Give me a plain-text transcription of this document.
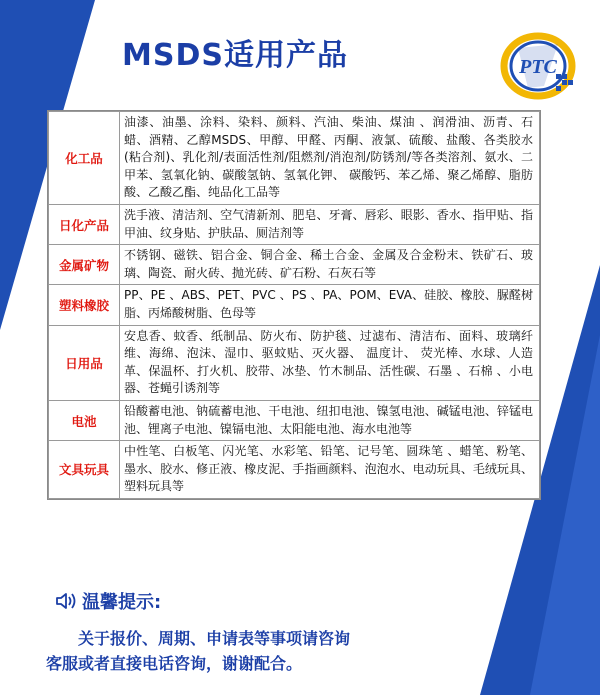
MSDS适用产品	PTC
化工品	油漆、油墨、涂料、染料、颜料、汽油、柴油、煤油 、润滑油、沥青、石蜡、酒精、乙醇MSDS、甲醇、甲醛、丙酮、液氯、硫酸、盐酸、各类胶水(粘合剂)、乳化剂/表面活性剂/阻燃剂/消泡剂/防锈剂/等各类溶剂、氨水、二甲苯、氢氧化钠、碳酸氢钠、氢氧化钾、 碳酸钙、苯乙烯、聚乙烯醇、脂肪酸、乙酸乙酯、纯品化工品等
日化产品	洗手液、清洁剂、空气清新剂、肥皂、牙膏、唇彩、眼影、香水、指甲贴、指甲油、纹身贴、护肤品、厕洁剂等
金属矿物	不锈钢、磁铁、铝合金、铜合金、稀土合金、金属及合金粉末、铁矿石、玻璃、陶瓷、耐火砖、抛光砖、矿石粉、石灰石等
塑料橡胶	PP、PE 、ABS、PET、PVC 、PS 、PA、POM、EVA、硅胶、橡胶、脲醛树脂、丙烯酸树脂、色母等
日用品	安息香、蚊香、纸制品、防火布、防护毯、过滤布、清洁布、面料、玻璃纤维、海绵、泡沫、湿巾、驱蚊贴、灭火器、 温度计、 荧光棒、水球、人造革、保温杯、打火机、胶带、冰垫、竹木制品、活性碳、石墨 、石棉 、小电器、苍蝇引诱剂等
电池	铅酸蓄电池、钠硫蓄电池、干电池、纽扣电池、镍氢电池、碱锰电池、锌锰电池、锂离子电池、镍镉电池、太阳能电池、海水电池等
文具玩具	中性笔、白板笔、闪光笔、水彩笔、铅笔、记号笔、圆珠笔 、蜡笔、粉笔、墨水、胶水、修正液、橡皮泥、手指画颜料、泡泡水、电动玩具、毛绒玩具、塑料玩具等
温馨提示:
关于报价、周期、申请表等事项请咨询
客服或者直接电话咨询，谢谢配合。
